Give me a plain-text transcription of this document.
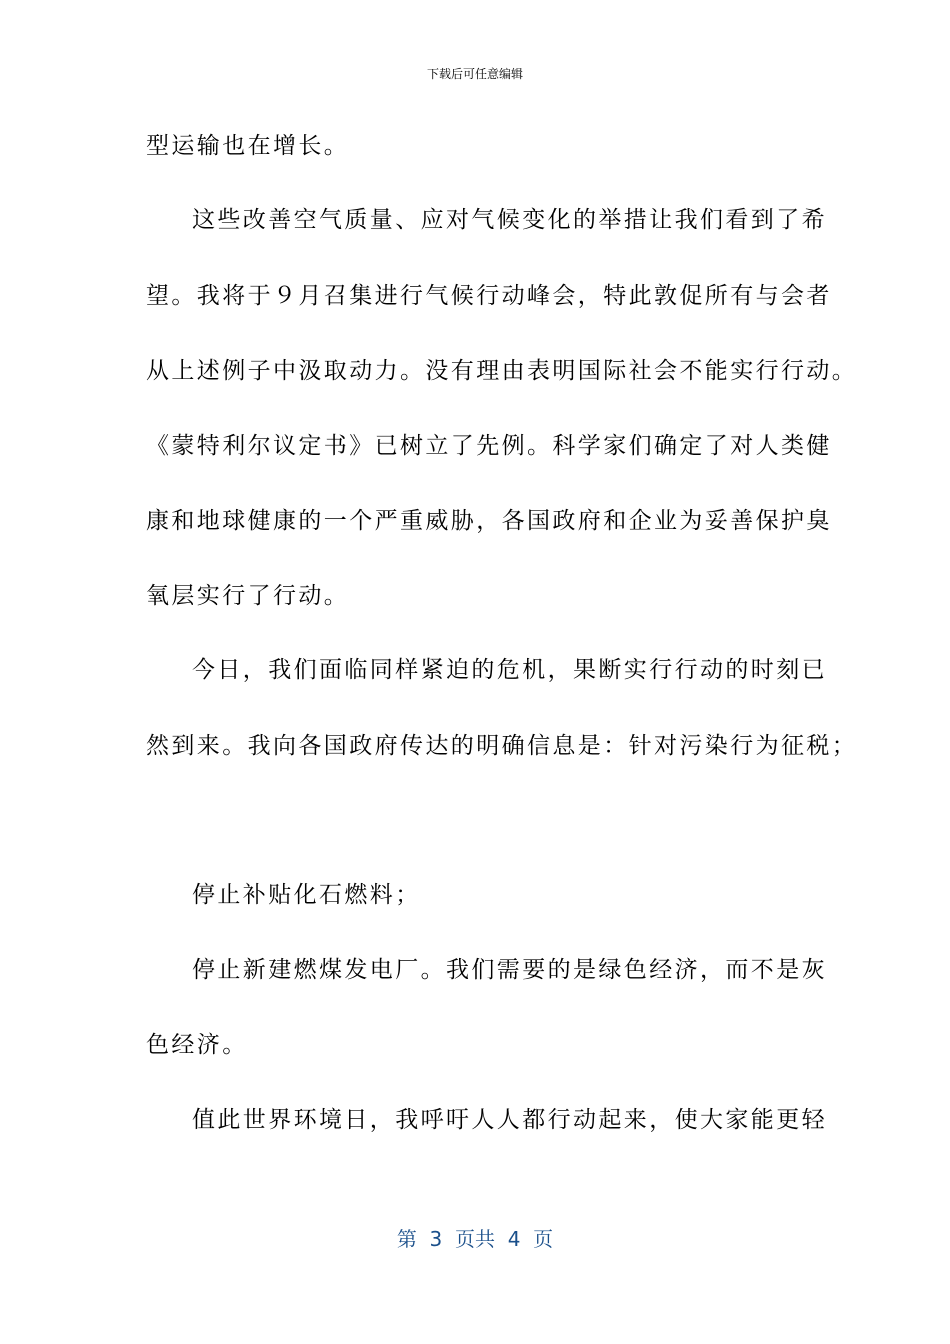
下载后可任意编辑
型运输也在增长。
这些改善空气质量、应对气候变化的举措让我们看到了希
望。我将于９月召集进行气候行动峰会，特此敦促所有与会者
从上述例子中汲取动力。没有理由表明国际社会不能实行行动。
《蒙特利尔议定书》已树立了先例。科学家们确定了对人类健
康和地球健康的一个严重威胁，各国政府和企业为妥善保护臭
氧层实行了行动。
今日，我们面临同样紧迫的危机，果断实行行动的时刻已
然到来。我向各国政府传达的明确信息是：针对污染行为征税；
停止补贴化石燃料；
停止新建燃煤发电厂。我们需要的是绿色经济，而不是灰
色经济。
值此世界环境日，我呼吁人人都行动起来，使大家能更轻
第  3  页共  4  页
